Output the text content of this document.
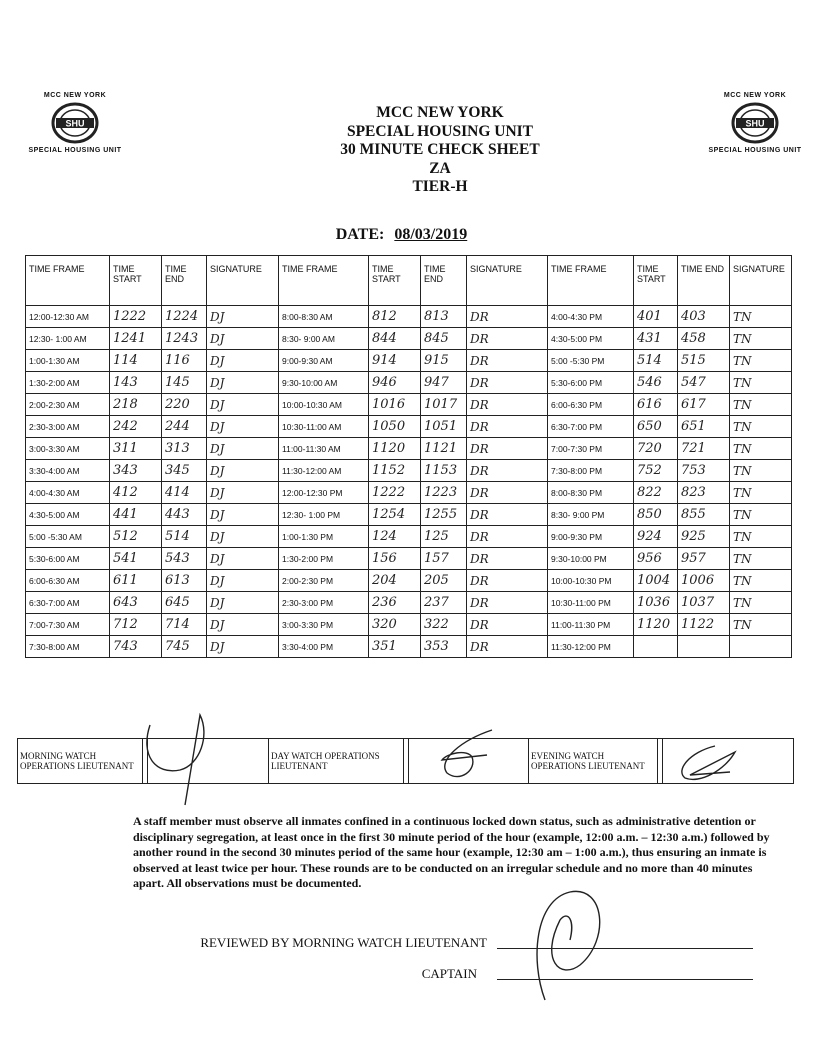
MCC NEW YORK
SHU
SPECIAL HOUSING UNIT
MCC NEW YORK
SHU
SPECIAL HOUSING UNIT
MCC NEW YORK
SPECIAL HOUSING UNIT
30 MINUTE CHECK SHEET
ZA
TIER-H
DATE: 08/03/2019
TIME FRAME	TIME START	TIME END	SIGNATURE	TIME FRAME	TIME START	TIME END	SIGNATURE	TIME FRAME	TIME START	TIME END	SIGNATURE
12:00-12:30 AM	1222	1224	DJ	8:00-8:30 AM	812	813	DR	4:00-4:30 PM	401	403	TN
12:30- 1:00 AM	1241	1243	DJ	8:30- 9:00 AM	844	845	DR	4:30-5:00 PM	431	458	TN
1:00-1:30 AM	114	116	DJ	9:00-9:30 AM	914	915	DR	5:00 -5:30 PM	514	515	TN
1:30-2:00 AM	143	145	DJ	9:30-10:00 AM	946	947	DR	5:30-6:00 PM	546	547	TN
2:00-2:30 AM	218	220	DJ	10:00-10:30 AM	1016	1017	DR	6:00-6:30 PM	616	617	TN
2:30-3:00 AM	242	244	DJ	10:30-11:00 AM	1050	1051	DR	6:30-7:00 PM	650	651	TN
3:00-3:30 AM	311	313	DJ	11:00-11:30 AM	1120	1121	DR	7:00-7:30 PM	720	721	TN
3:30-4:00 AM	343	345	DJ	11:30-12:00 AM	1152	1153	DR	7:30-8:00 PM	752	753	TN
4:00-4:30 AM	412	414	DJ	12:00-12:30 PM	1222	1223	DR	8:00-8:30 PM	822	823	TN
4:30-5:00 AM	441	443	DJ	12:30- 1:00 PM	1254	1255	DR	8:30- 9:00 PM	850	855	TN
5:00 -5:30 AM	512	514	DJ	1:00-1:30 PM	124	125	DR	9:00-9:30 PM	924	925	TN
5:30-6:00 AM	541	543	DJ	1:30-2:00 PM	156	157	DR	9:30-10:00 PM	956	957	TN
6:00-6:30 AM	611	613	DJ	2:00-2:30 PM	204	205	DR	10:00-10:30 PM	1004	1006	TN
6:30-7:00 AM	643	645	DJ	2:30-3:00 PM	236	237	DR	10:30-11:00 PM	1036	1037	TN
7:00-7:30 AM	712	714	DJ	3:00-3:30 PM	320	322	DR	11:00-11:30 PM	1120	1122	TN
7:30-8:00 AM	743	745	DJ	3:30-4:00 PM	351	353	DR	11:30-12:00 PM			
MORNING WATCH OPERATIONS LIEUTENANT			DAY WATCH OPERATIONS LIEUTENANT			EVENING WATCH OPERATIONS LIEUTENANT		
A staff member must observe all inmates confined in a continuous locked down status, such as administrative detention or disciplinary segregation, at least once in the first 30 minute period of the hour (example, 12:00 a.m. – 12:30 a.m.) followed by another round in the second 30 minutes period of the same hour (example, 12:30 am – 1:00 a.m.), thus ensuring an inmate is observed at least twice per hour. These rounds are to be conducted on an irregular schedule and no more than 40 minutes apart. All observations must be documented.
REVIEWED BY MORNING WATCH LIEUTENANT
CAPTAIN
